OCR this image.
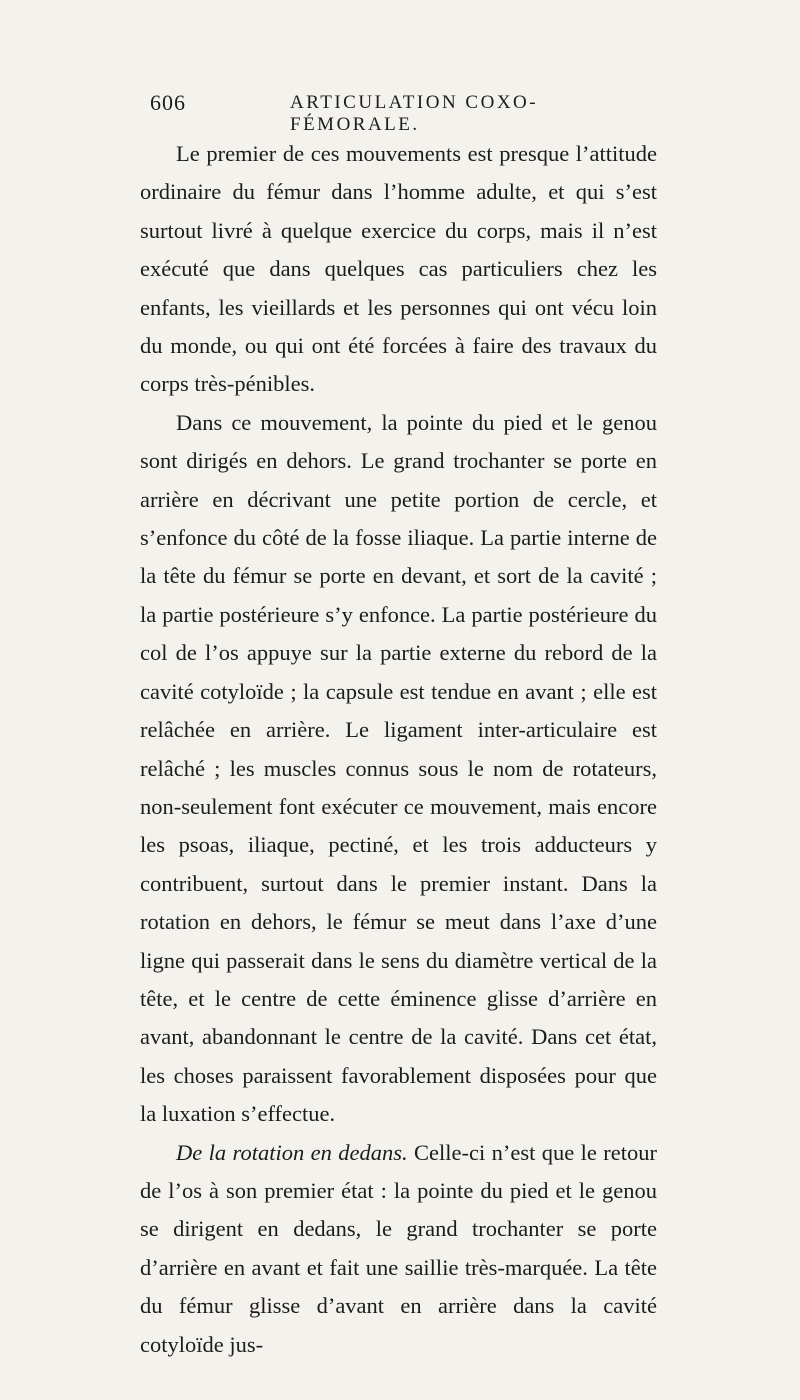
606	ARTICULATION COXO-FÉMORALE.

Le premier de ces mouvements est presque l’attitude ordinaire du fémur dans l’homme adulte, et qui s’est surtout livré à quelque exercice du corps, mais il n’est exécuté que dans quelques cas particuliers chez les enfants, les vieillards et les personnes qui ont vécu loin du monde, ou qui ont été forcées à faire des travaux du corps très-pénibles.

Dans ce mouvement, la pointe du pied et le genou sont dirigés en dehors. Le grand trochanter se porte en arrière en décrivant une petite portion de cercle, et s’enfonce du côté de la fosse iliaque. La partie interne de la tête du fémur se porte en devant, et sort de la cavité ; la partie postérieure s’y enfonce. La partie postérieure du col de l’os appuye sur la partie externe du rebord de la cavité cotyloïde ; la capsule est tendue en avant ; elle est relâchée en arrière. Le ligament inter-articulaire est relâché ; les muscles connus sous le nom de rotateurs, non-seulement font exécuter ce mouvement, mais encore les psoas, iliaque, pectiné, et les trois adducteurs y contribuent, surtout dans le premier instant. Dans la rotation en dehors, le fémur se meut dans l’axe d’une ligne qui passerait dans le sens du diamètre vertical de la tête, et le centre de cette éminence glisse d’arrière en avant, abandonnant le centre de la cavité. Dans cet état, les choses paraissent favorablement disposées pour que la luxation s’effectue.

De la rotation en dedans. Celle-ci n’est que le retour de l’os à son premier état : la pointe du pied et le genou se dirigent en dedans, le grand trochanter se porte d’arrière en avant et fait une saillie très-marquée. La tête du fémur glisse d’avant en arrière dans la cavité cotyloïde jus-
